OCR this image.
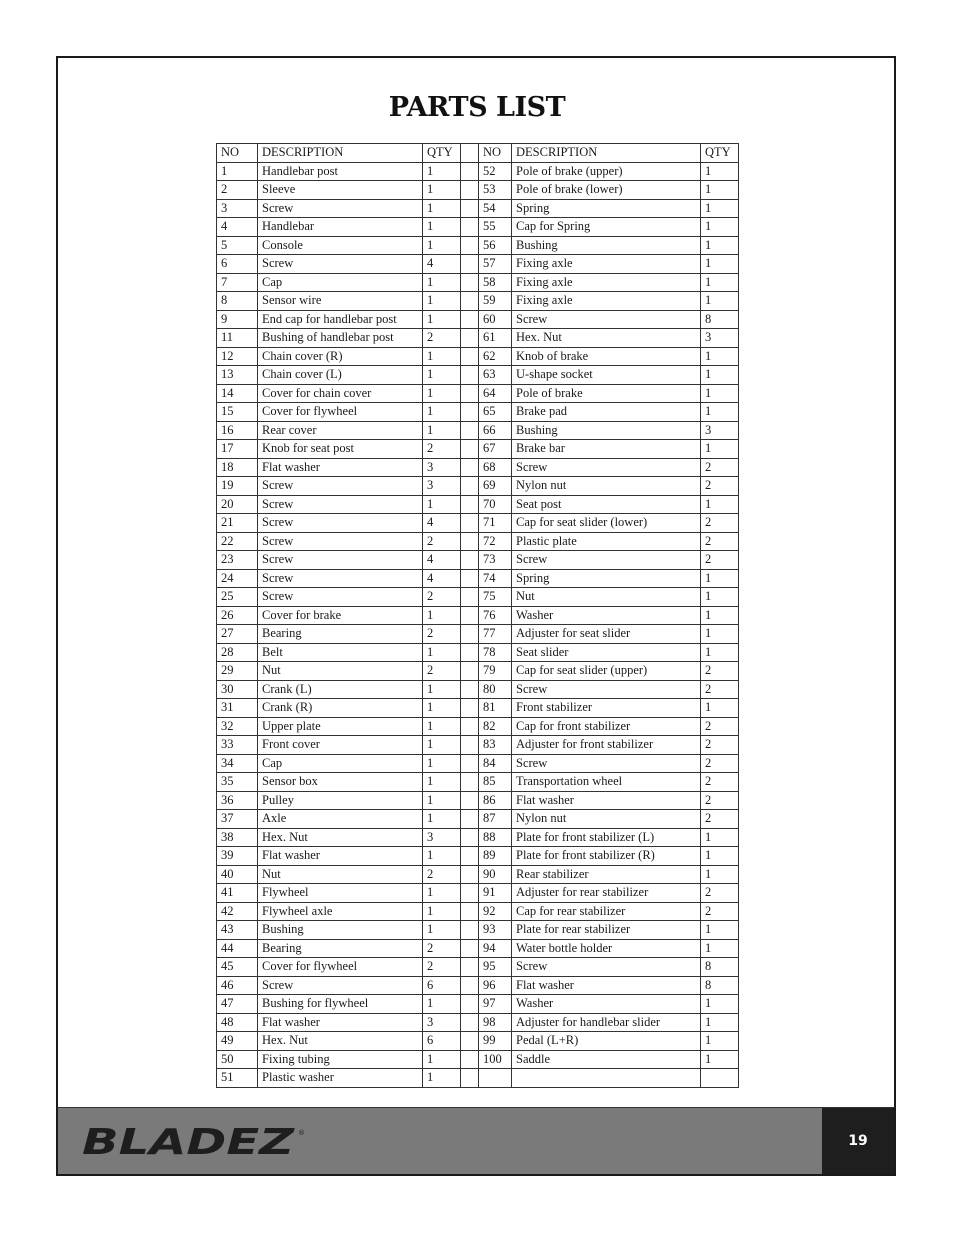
PARTS LIST
NO	DESCRIPTION	QTY		NO	DESCRIPTION	QTY
1	Handlebar post	1		52	Pole of brake (upper)	1
2	Sleeve	1		53	Pole of brake (lower)	1
3	Screw	1		54	Spring	1
4	Handlebar	1		55	Cap for Spring	1
5	Console	1		56	Bushing	1
6	Screw	4		57	Fixing axle	1
7	Cap	1		58	Fixing axle	1
8	Sensor wire	1		59	Fixing axle	1
9	End cap for handlebar post	1		60	Screw	8
11	Bushing of handlebar post	2		61	Hex. Nut	3
12	Chain cover (R)	1		62	Knob of brake	1
13	Chain cover (L)	1		63	U-shape socket	1
14	Cover for chain cover	1		64	Pole of brake	1
15	Cover for flywheel	1		65	Brake pad	1
16	Rear cover	1		66	Bushing	3
17	Knob for seat post	2		67	Brake bar	1
18	Flat washer	3		68	Screw	2
19	Screw	3		69	Nylon nut	2
20	Screw	1		70	Seat post	1
21	Screw	4		71	Cap for seat slider (lower)	2
22	Screw	2		72	Plastic plate	2
23	Screw	4		73	Screw	2
24	Screw	4		74	Spring	1
25	Screw	2		75	Nut	1
26	Cover for brake	1		76	Washer	1
27	Bearing	2		77	Adjuster for seat slider	1
28	Belt	1		78	Seat slider	1
29	Nut	2		79	Cap for seat slider (upper)	2
30	Crank (L)	1		80	Screw	2
31	Crank (R)	1		81	Front stabilizer	1
32	Upper plate	1		82	Cap for front stabilizer	2
33	Front cover	1		83	Adjuster for front stabilizer	2
34	Cap	1		84	Screw	2
35	Sensor box	1		85	Transportation wheel	2
36	Pulley	1		86	Flat washer	2
37	Axle	1		87	Nylon nut	2
38	Hex. Nut	3		88	Plate for front stabilizer (L)	1
39	Flat washer	1		89	Plate for front stabilizer (R)	1
40	Nut	2		90	Rear stabilizer	1
41	Flywheel	1		91	Adjuster for rear stabilizer	2
42	Flywheel axle	1		92	Cap for rear stabilizer	2
43	Bushing	1		93	Plate for rear stabilizer	1
44	Bearing	2		94	Water bottle holder	1
45	Cover for flywheel	2		95	Screw	8
46	Screw	6		96	Flat washer	8
47	Bushing for flywheel	1		97	Washer	1
48	Flat washer	3		98	Adjuster for handlebar slider	1
49	Hex. Nut	6		99	Pedal (L+R)	1
50	Fixing tubing	1		100	Saddle	1
51	Plastic washer	1				
BLADEZ ®	19
